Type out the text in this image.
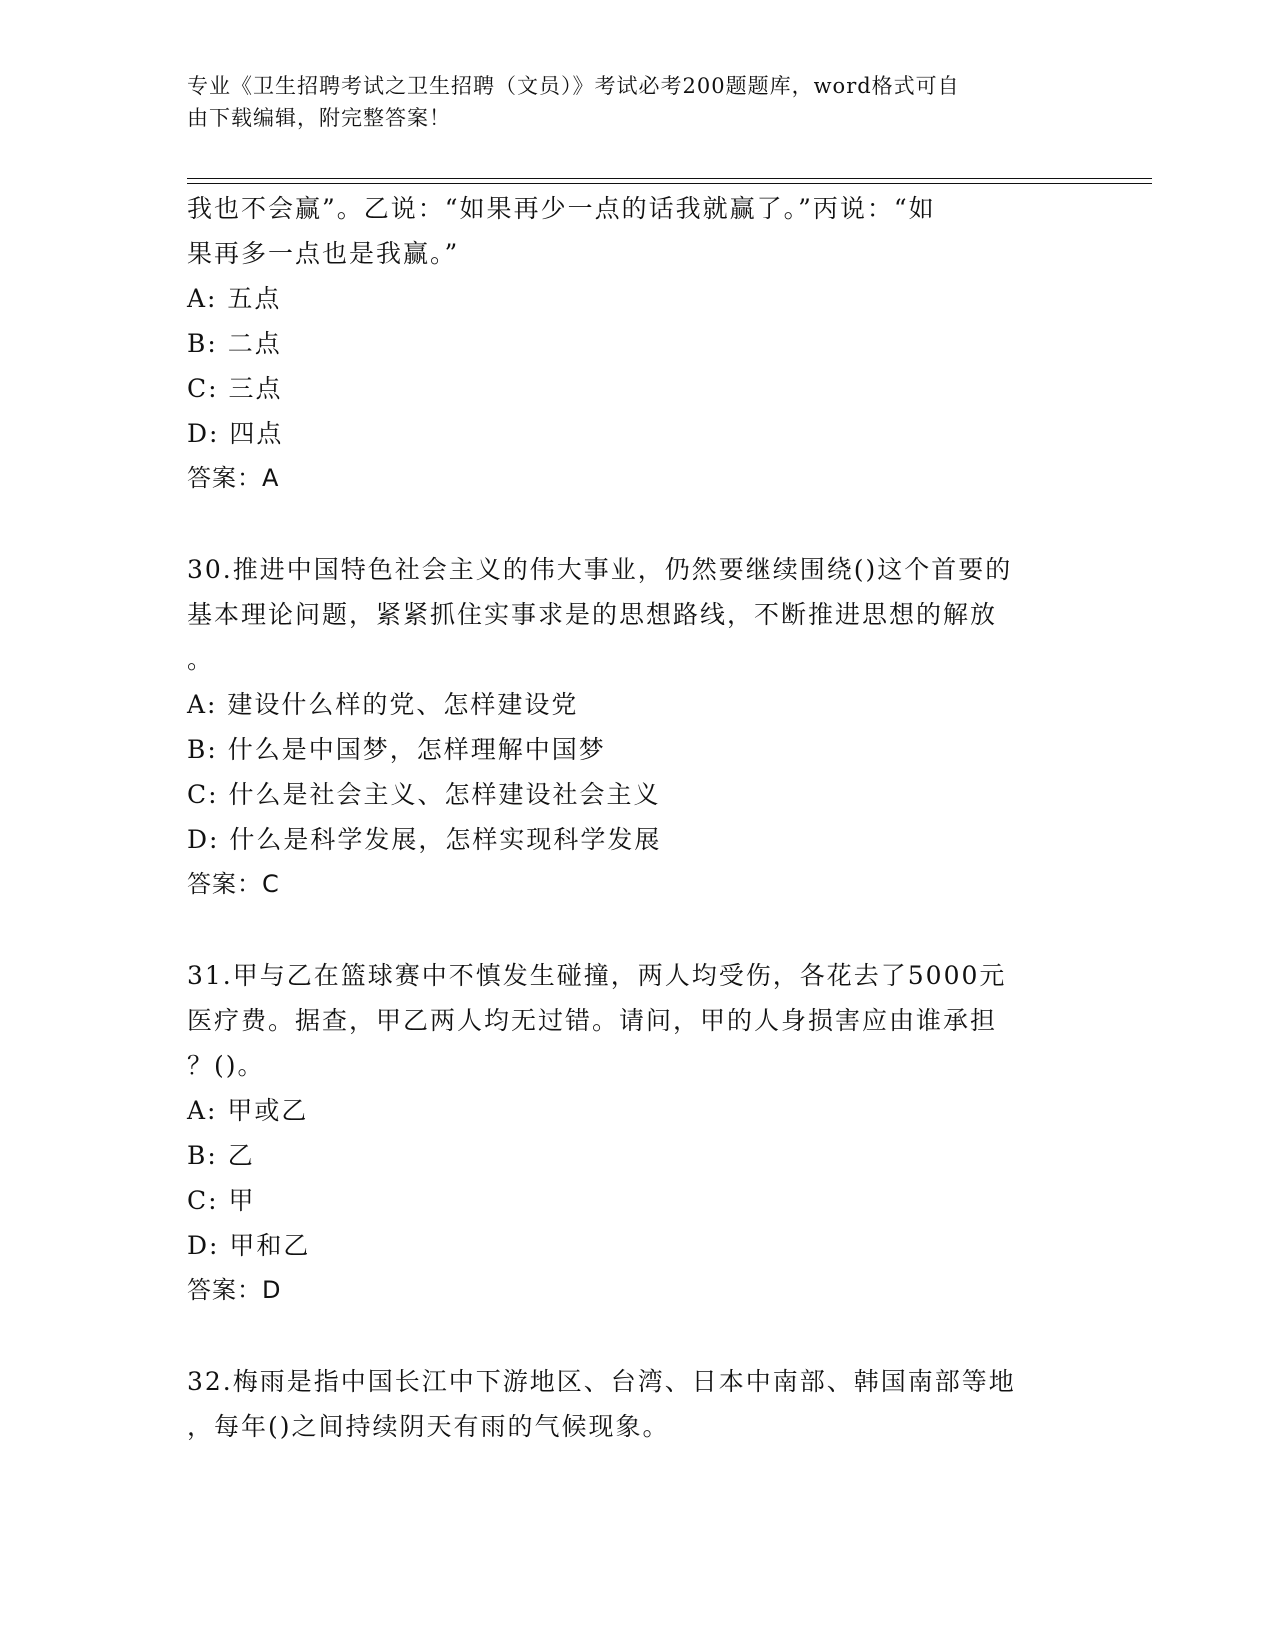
专业《卫生招聘考试之卫生招聘（文员）》考试必考200题题库，word格式可自
由下载编辑，附完整答案！
我也不会赢”。乙说：“如果再少一点的话我就赢了。”丙说：“如
果再多一点也是我赢。”
A: 五点
B: 二点
C: 三点
D: 四点
答案：A
30.推进中国特色社会主义的伟大事业，仍然要继续围绕()这个首要的
基本理论问题，紧紧抓住实事求是的思想路线，不断推进思想的解放
。
A: 建设什么样的党、怎样建设党
B: 什么是中国梦，怎样理解中国梦
C: 什么是社会主义、怎样建设社会主义
D: 什么是科学发展，怎样实现科学发展
答案：C
31.甲与乙在篮球赛中不慎发生碰撞，两人均受伤，各花去了5000元
医疗费。据查，甲乙两人均无过错。请问，甲的人身损害应由谁承担
？()。
A: 甲或乙
B: 乙
C: 甲
D: 甲和乙
答案：D
32.梅雨是指中国长江中下游地区、台湾、日本中南部、韩国南部等地
，每年()之间持续阴天有雨的气候现象。
